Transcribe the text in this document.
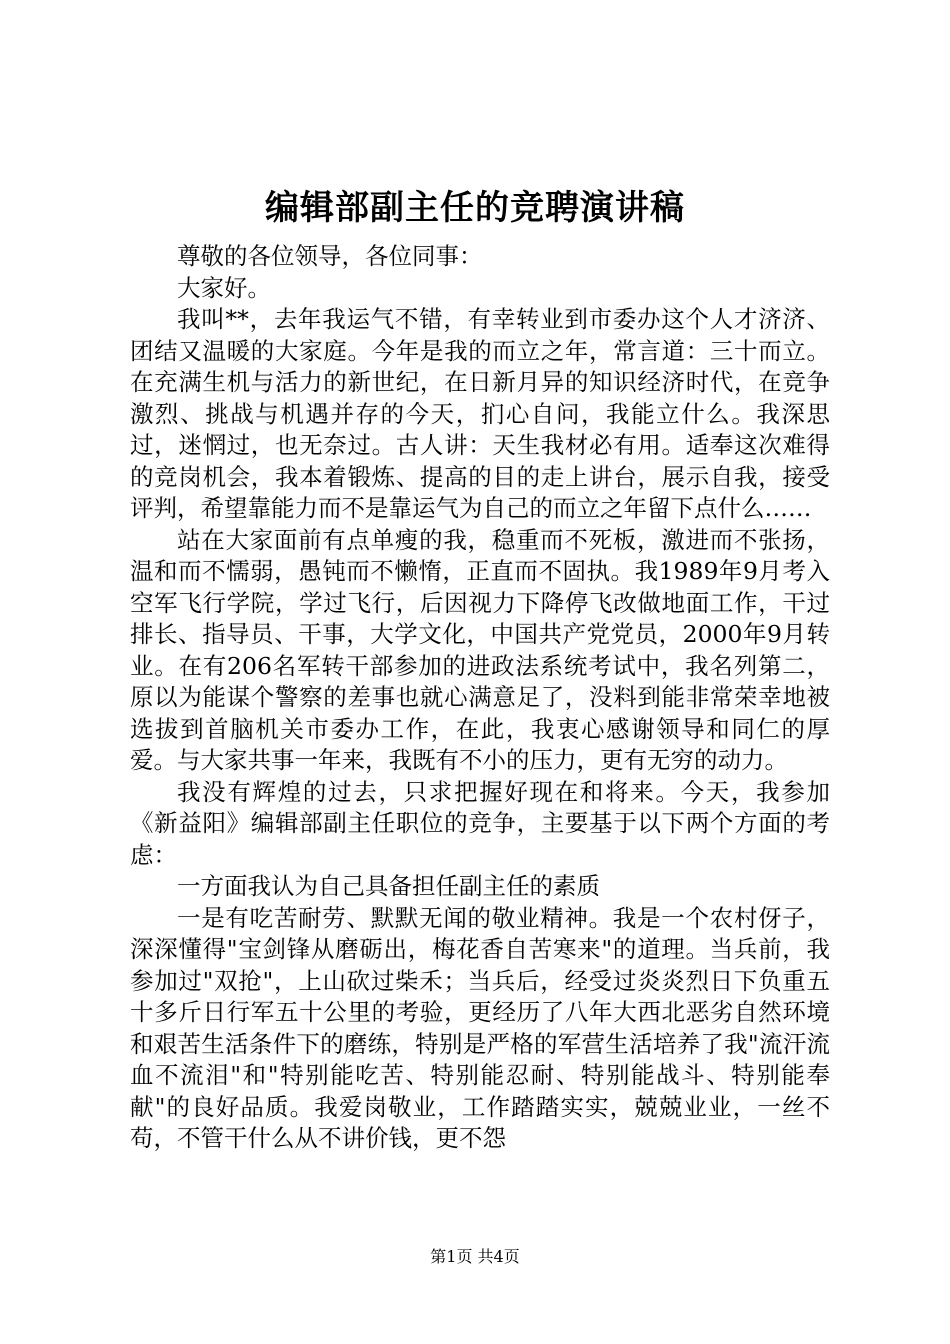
编辑部副主任的竞聘演讲稿

尊敬的各位领导，各位同事：

大家好。

我叫**，去年我运气不错，有幸转业到市委办这个人才济济、团结又温暖的大家庭。今年是我的而立之年，常言道：三十而立。在充满生机与活力的新世纪，在日新月异的知识经济时代，在竞争激烈、挑战与机遇并存的今天，扪心自问，我能立什么。我深思过，迷惘过，也无奈过。古人讲：天生我材必有用。适奉这次难得的竞岗机会，我本着锻炼、提高的目的走上讲台，展示自我，接受评判，希望靠能力而不是靠运气为自己的而立之年留下点什么……

站在大家面前有点单瘦的我，稳重而不死板，激进而不张扬，温和而不懦弱，愚钝而不懒惰，正直而不固执。我1989年9月考入空军飞行学院，学过飞行，后因视力下降停飞改做地面工作，干过排长、指导员、干事，大学文化，中国共产党党员，2000年9月转业。在有206名军转干部参加的进政法系统考试中，我名列第二，原以为能谋个警察的差事也就心满意足了，没料到能非常荣幸地被选拔到首脑机关市委办工作，在此，我衷心感谢领导和同仁的厚爱。与大家共事一年来，我既有不小的压力，更有无穷的动力。

我没有辉煌的过去，只求把握好现在和将来。今天，我参加《新益阳》编辑部副主任职位的竞争，主要基于以下两个方面的考虑：

一方面我认为自己具备担任副主任的素质

一是有吃苦耐劳、默默无闻的敬业精神。我是一个农村伢子，深深懂得"宝剑锋从磨砺出，梅花香自苦寒来"的道理。当兵前，我参加过"双抢"，上山砍过柴禾；当兵后，经受过炎炎烈日下负重五十多斤日行军五十公里的考验，更经历了八年大西北恶劣自然环境和艰苦生活条件下的磨练，特别是严格的军营生活培养了我"流汗流血不流泪"和"特别能吃苦、特别能忍耐、特别能战斗、特别能奉献"的良好品质。我爱岗敬业，工作踏踏实实，兢兢业业，一丝不苟，不管干什么从不讲价钱，更不怨

第1页 共4页
